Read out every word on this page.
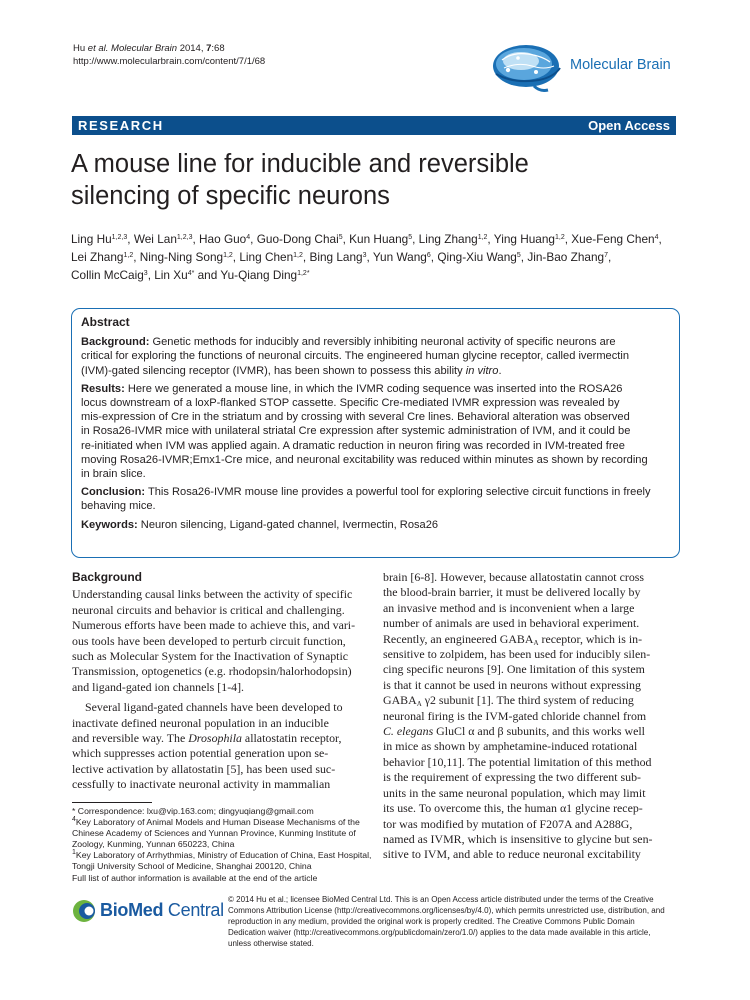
Hu et al. Molecular Brain 2014, 7:68
http://www.molecularbrain.com/content/7/1/68	Molecular Brain
RESEARCH	Open Access
A mouse line for inducible and reversible
silencing of specific neurons
Ling Hu$^{1,2,3}$, Wei Lan$^{1,2,3}$, Hao Guo$^4$, Guo-Dong Chai$^5$, Kun Huang$^5$, Ling Zhang$^{1,2}$, Ying Huang$^{1,2}$, Xue-Feng Chen$^4$,
Lei Zhang$^{1,2}$, Ning-Ning Song$^{1,2}$, Ling Chen$^{1,2}$, Bing Lang$^3$, Yun Wang$^6$, Qing-Xiu Wang$^5$, Jin-Bao Zhang$^7$,
Collin McCaig$^3$, Lin $Xu^{4*}$ and Yu-Qiang Ding$^{1,2*}$
Abstract

Background: Genetic methods for inducibly and reversibly inhibiting neuronal activity of specific neurons are
critical for exploring the functions of neuronal circuits. The engineered human glycine receptor, called ivermectin
(IVM)-gated silencing receptor (IVMR), has been shown to possess this ability in vitro.

Results: Here we generated a mouse line, in which the IVMR coding sequence was inserted into the ROSA26
locus downstream of a loxP-flanked STOP cassette. Specific Cre-mediated IVMR expression was revealed by
mis-expression of Cre in the striatum and by crossing with several Cre lines. Behavioral alteration was observed
in Rosa26-IVMR mice with unilateral striatal Cre expression after systemic administration of IVM, and it could be
re-initiated when IVM was applied again. A dramatic reduction in neuron firing was recorded in IVM-treated free
moving Rosa26-IVMR;Emx1-Cre mice, and neuronal excitability was reduced within minutes as shown by recording
in brain slice.

Conclusion: This Rosa26-IVMR mouse line provides a powerful tool for exploring selective circuit functions in freely
behaving mice.

Keywords: Neuron silencing, Ligand-gated channel, Ivermectin, Rosa26

Background
Understanding causal links between the activity of specific
neuronal circuits and behavior is critical and challenging.
Numerous efforts have been made to achieve this, and vari-
ous tools have been developed to perturb circuit function,
such as Molecular System for the Inactivation of Synaptic
Transmission, optogenetics (e.g. rhodopsin/halorhodopsin)
and ligand-gated ion channels [1-4].
Several ligand-gated channels have been developed to
inactivate defined neuronal population in an inducible
and reversible way. The Drosophila allatostatin receptor,
which suppresses action potential generation upon se-
lective activation by allatostatin [5], has been used suc-
cessfully to inactivate neuronal activity in mammalian
brain [6-8]. However, because allatostatin cannot cross
the blood-brain barrier, it must be delivered locally by
an invasive method and is inconvenient when a large
number of animals are used in behavioral experiment.
Recently, an engineered $GABA_A$ receptor, which is in-
sensitive to zolpidem, has been used for inducibly silen-
cing specific neurons [9]. One limitation of this system
is that it cannot be used in neurons without expressing
$GABA_A$ γ2 subunit [1]. The third system of reducing
neuronal firing is the IVM-gated chloride channel from
C. elegans GluCl α and β subunits, and this works well
in mice as shown by amphetamine-induced rotational
behavior [10,11]. The potential limitation of this method
is the requirement of expressing the two different sub-
units in the same neuronal population, which may limit
its use. To overcome this, the human α1 glycine recep-
tor was modified by mutation of F207A and A288G,
named as IVMR, which is insensitive to glycine but sen-
sitive to IVM, and able to reduce neuronal excitability
* Correspondence: lxu@vip.163.com; dingyuqiang@gmail.com
$^4$Key Laboratory of Animal Models and Human Disease Mechanisms of the
Chinese Academy of Sciences and Yunnan Province, Kunming Institute of
Zoology, Kunming, Yunnan 650223, China
$^1$Key Laboratory of Arrhythmias, Ministry of Education of China, East Hospital,
Tongji University School of Medicine, Shanghai 200120, China
Full list of author information is available at the end of the article
BioMed Central
© 2014 Hu et al.; licensee BioMed Central Ltd. This is an Open Access article distributed under the terms of the Creative
Commons Attribution License (http://creativecommons.org/licenses/by/4.0), which permits unrestricted use, distribution, and
reproduction in any medium, provided the original work is properly credited. The Creative Commons Public Domain
Dedication waiver (http://creativecommons.org/publicdomain/zero/1.0/) applies to the data made available in this article,
unless otherwise stated.
